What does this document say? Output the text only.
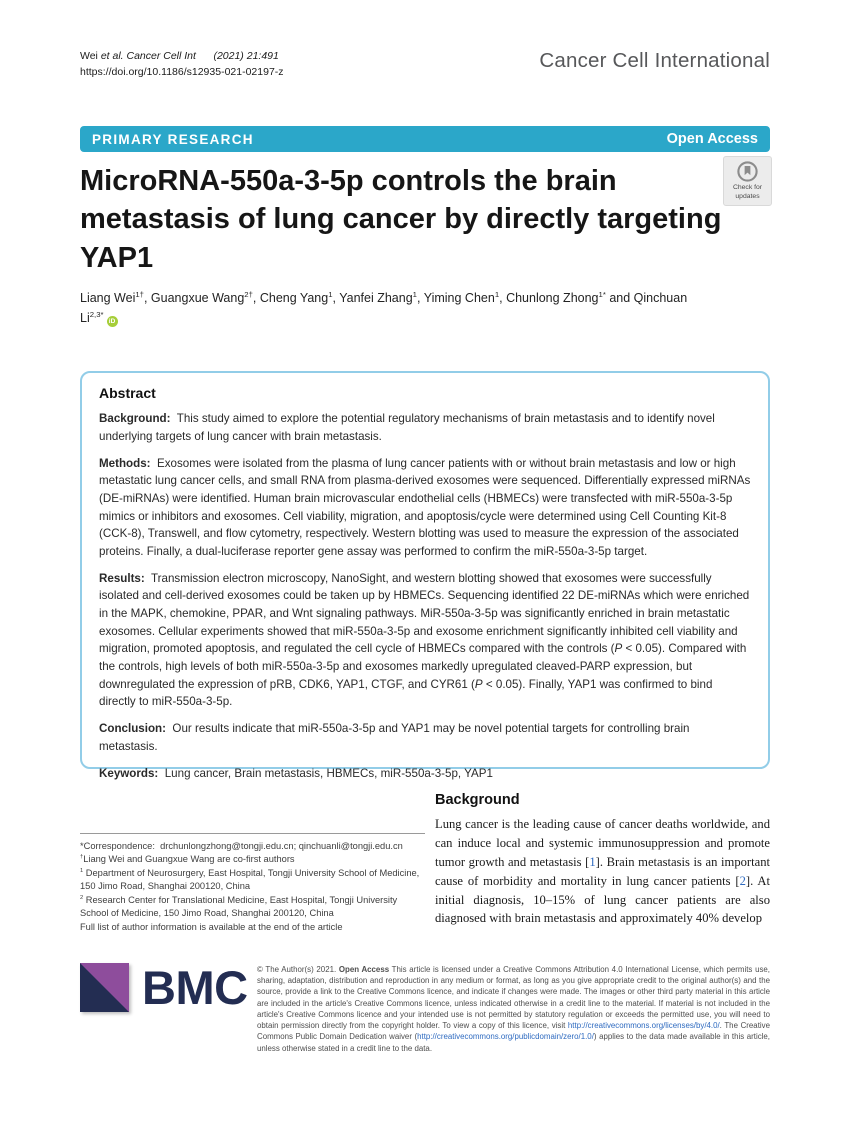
Wei et al. Cancer Cell Int      (2021) 21:491
https://doi.org/10.1186/s12935-021-02197-z
Cancer Cell International
PRIMARY RESEARCH	Open Access
MicroRNA-550a-3-5p controls the brain
metastasis of lung cancer by directly targeting
YAP1
Check for
updates
Liang Wei$^{1\dagger}$, Guangxue Wang$^{2\dagger}$, Cheng Yang$^1$, Yanfei Zhang$^1$, Yiming Chen$^1$, Chunlong Zhong$^{1*}$ and Qinchuan $Li^{2,3*}iD$
Abstract

Background:  This study aimed to explore the potential regulatory mechanisms of brain metastasis and to identify novel underlying targets of lung cancer with brain metastasis.

Methods:  Exosomes were isolated from the plasma of lung cancer patients with or without brain metastasis and low or high metastatic lung cancer cells, and small RNA from plasma-derived exosomes were sequenced. Differentially expressed miRNAs (DE-miRNAs) were identified. Human brain microvascular endothelial cells (HBMECs) were transfected with miR-550a-3-5p mimics or inhibitors and exosomes. Cell viability, migration, and apoptosis/cycle were determined using Cell Counting Kit-8 (CCK-8), Transwell, and flow cytometry, respectively. Western blotting was used to measure the expression of the associated proteins. Finally, a dual-luciferase reporter gene assay was performed to confirm the miR-550a-3-5p target.

Results:  Transmission electron microscopy, NanoSight, and western blotting showed that exosomes were successfully isolated and cell-derived exosomes could be taken up by HBMECs. Sequencing identified 22 DE-miRNAs which were enriched in the MAPK, chemokine, PPAR, and Wnt signaling pathways. MiR-550a-3-5p was significantly enriched in brain metastatic exosomes. Cellular experiments showed that miR-550a-3-5p and exosome enrichment significantly inhibited cell viability and migration, promoted apoptosis, and regulated the cell cycle of HBMECs compared with the controls (P < 0.05). Compared with the controls, high levels of both miR-550a-3-5p and exosomes markedly upregulated cleaved-PARP expression, but downregulated the expression of pRB, CDK6, YAP1, CTGF, and CYR61 (P < 0.05). Finally, YAP1 was confirmed to bind directly to miR-550a-3-5p.

Conclusion:  Our results indicate that miR-550a-3-5p and YAP1 may be novel potential targets for controlling brain metastasis.

Keywords:  Lung cancer, Brain metastasis, HBMECs, miR-550a-3-5p, YAP1

*Correspondence:  drchunlongzhong@tongji.edu.cn; qinchuanli@tongji.edu.cn
†Liang Wei and Guangxue Wang are co-first authors
$^1$ Department of Neurosurgery, East Hospital, Tongji University School of Medicine, 150 Jimo Road, Shanghai 200120, China
$^2$ Research Center for Translational Medicine, East Hospital, Tongji University School of Medicine, 150 Jimo Road, Shanghai 200120, China
Full list of author information is available at the end of the article
Background

Lung cancer is the leading cause of cancer deaths worldwide, and can induce local and systemic immunosuppression and promote tumor growth and metastasis [1]. Brain metastasis is an important cause of morbidity and mortality in lung cancer patients [2]. At initial diagnosis, 10–15% of lung cancer patients are also diagnosed with brain metastasis and approximately 40% develop

BMC © The Author(s) 2021. Open Access This article is licensed under a Creative Commons Attribution 4.0 International License, which permits use, sharing, adaptation, distribution and reproduction in any medium or format, as long as you give appropriate credit to the original author(s) and the source, provide a link to the Creative Commons licence, and indicate if changes were made. The images or other third party material in this article are included in the article's Creative Commons licence, unless indicated otherwise in a credit line to the material. If material is not included in the article's Creative Commons licence and your intended use is not permitted by statutory regulation or exceeds the permitted use, you will need to obtain permission directly from the copyright holder. To view a copy of this licence, visit http://creativecommons.org/licenses/by/4.0/. The Creative Commons Public Domain Dedication waiver (http://creativecommons.org/publicdomain/zero/1.0/) applies to the data made available in this article, unless otherwise stated in a credit line to the data.
